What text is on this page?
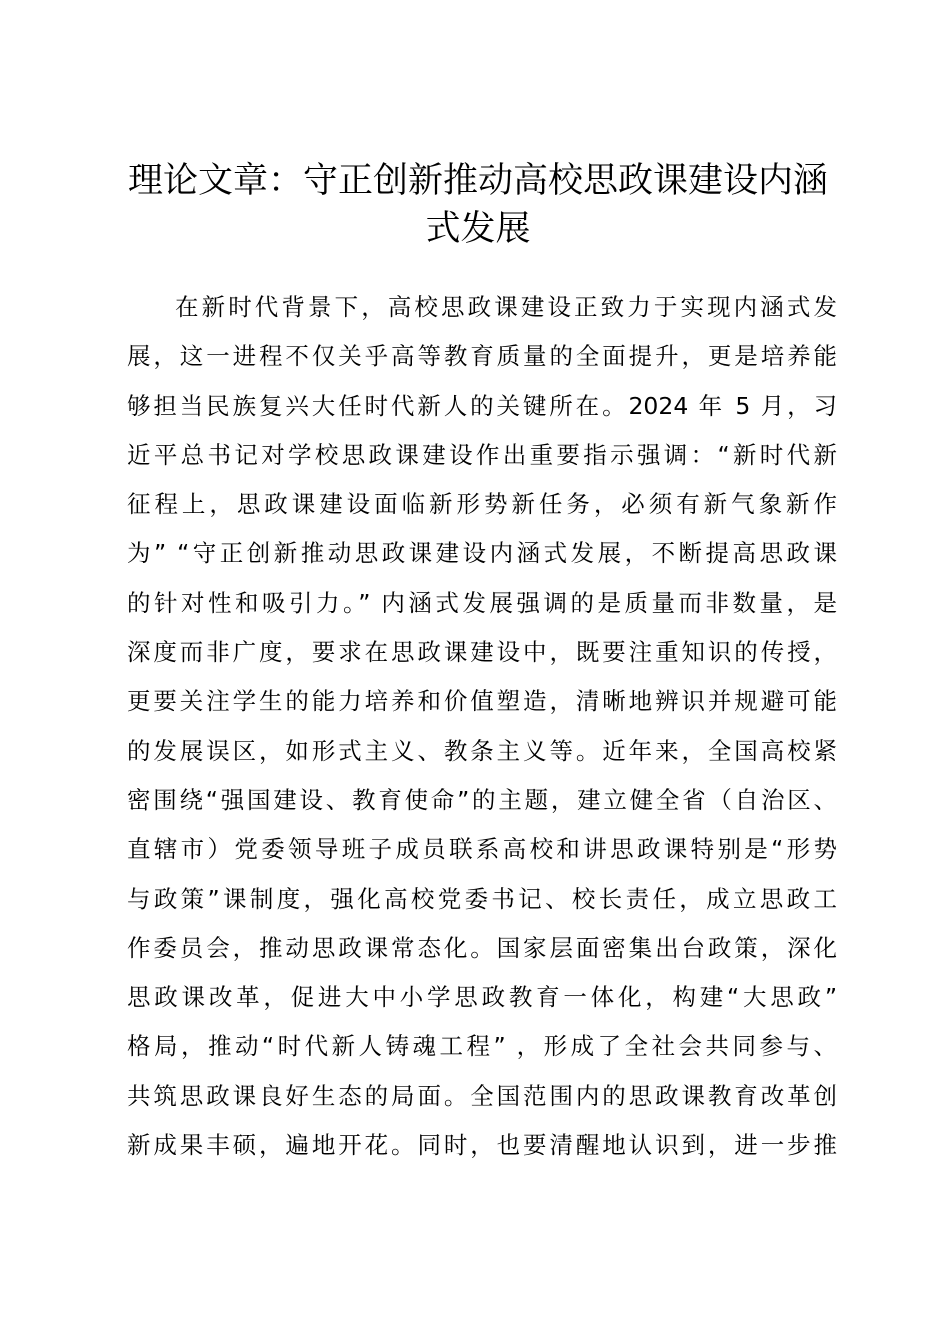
理论文章：守正创新推动高校思政课建设内涵
式发展
在新时代背景下，高校思政课建设正致力于实现内涵式发
展，这一进程不仅关乎高等教育质量的全面提升，更是培养能
够担当民族复兴大任时代新人的关键所在。2024 年 5 月，习
近平总书记对学校思政课建设作出重要指示强调：“新时代新
征程上，思政课建设面临新形势新任务，必须有新气象新作
为” “守正创新推动思政课建设内涵式发展，不断提高思政课
的针对性和吸引力。” 内涵式发展强调的是质量而非数量，是
深度而非广度，要求在思政课建设中，既要注重知识的传授，
更要关注学生的能力培养和价值塑造，清晰地辨识并规避可能
的发展误区，如形式主义、教条主义等。近年来，全国高校紧
密围绕“强国建设、教育使命”的主题，建立健全省（自治区、
直辖市）党委领导班子成员联系高校和讲思政课特别是“形势
与政策”课制度，强化高校党委书记、校长责任，成立思政工
作委员会，推动思政课常态化。国家层面密集出台政策，深化
思政课改革，促进大中小学思政教育一体化，构建“大思政”
格局，推动“时代新人铸魂工程” ，形成了全社会共同参与、
共筑思政课良好生态的局面。全国范围内的思政课教育改革创
新成果丰硕，遍地开花。同时，也要清醒地认识到，进一步推
